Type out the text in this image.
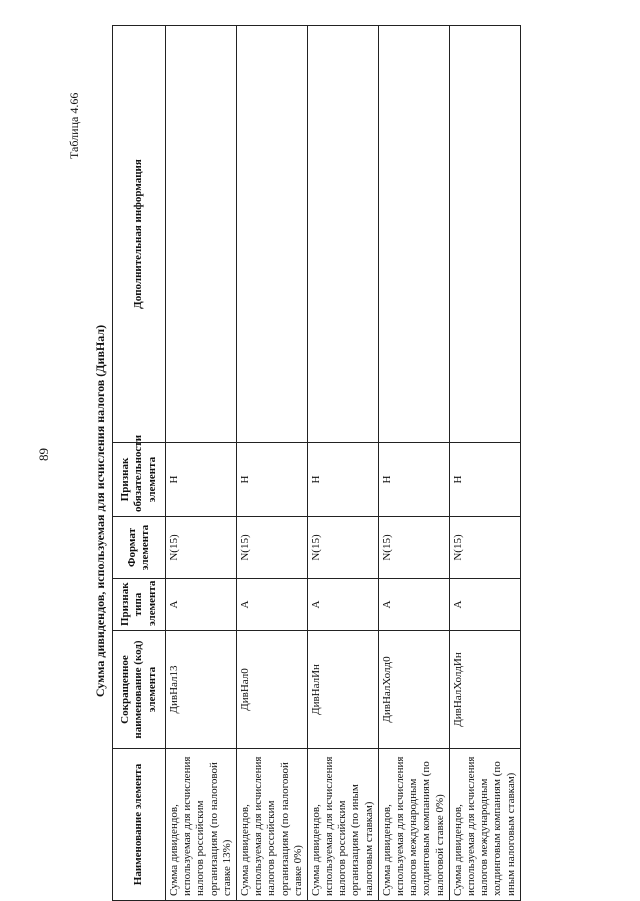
89
Таблица 4.66
Сумма дивидендов, используемая для исчисления налогов (ДивНал)
Наименование элемента	Сокращенное наименование (код) элемента	Признак типа элемента	Формат элемента	Признак обязательности элемента	Дополнительная информация
Сумма дивидендов, используемая для исчисления налогов российским организациям (по налоговой ставке 13%)	ДивНал13	А	N(15)	Н	
Сумма дивидендов, используемая для исчисления налогов российским организациям (по налоговой ставке 0%)	ДивНал0	А	N(15)	Н	
Сумма дивидендов, используемая для исчисления налогов российским организациям (по иным налоговым ставкам)	ДивНалИн	А	N(15)	Н	
Сумма дивидендов, используемая для исчисления налогов международным холдинговым компаниям (по налоговой ставке 0%)	ДивНалХолд0	А	N(15)	Н	
Сумма дивидендов, используемая для исчисления налогов международным холдинговым компаниям (по иным налоговым ставкам)	ДивНалХолдИн	А	N(15)	Н	
